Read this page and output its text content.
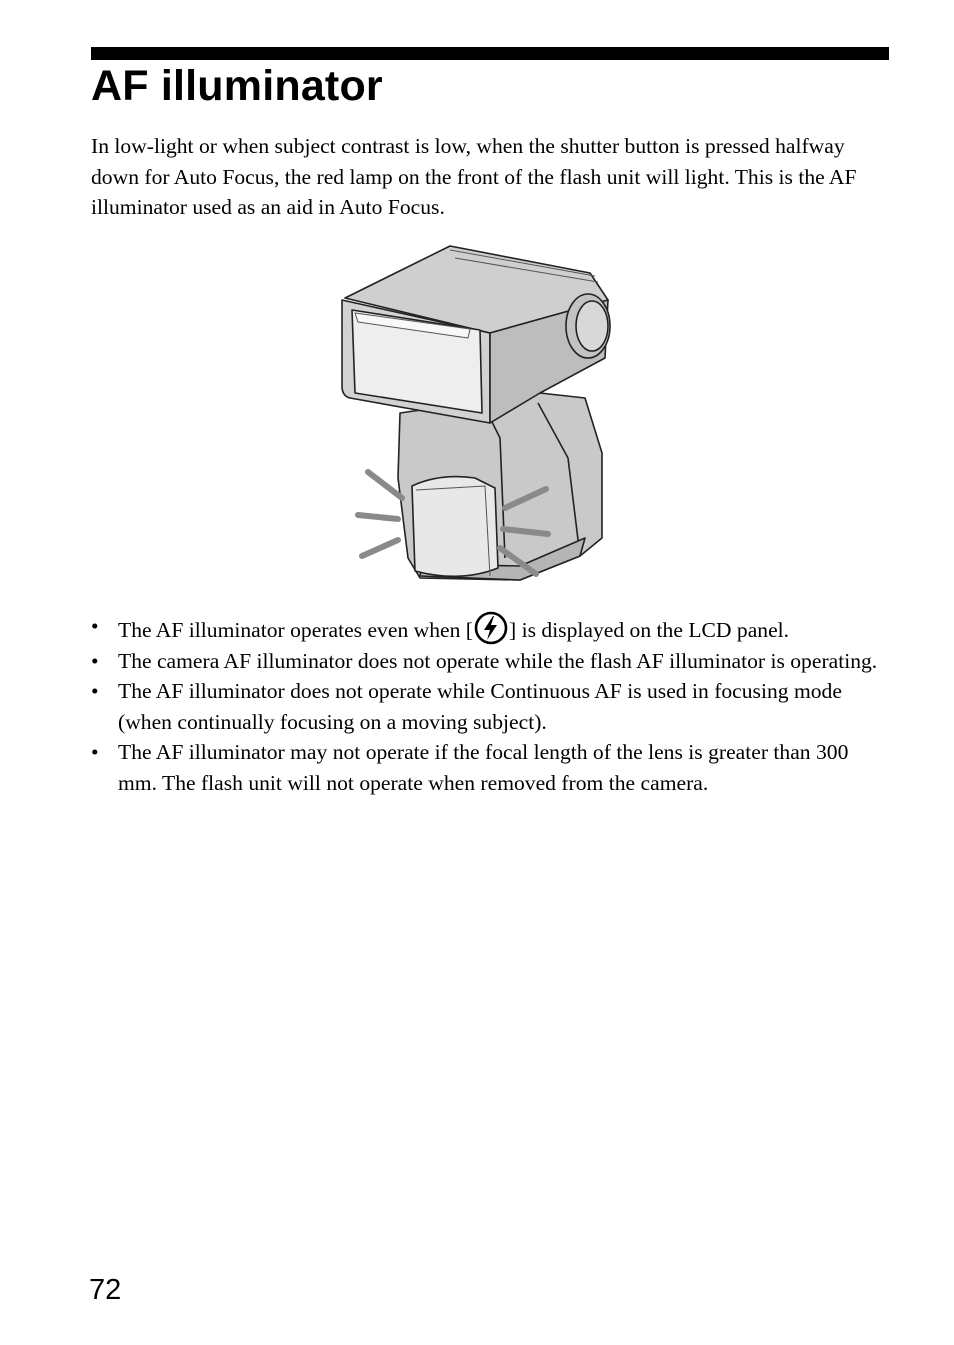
AF illuminator

In low-light or when subject contrast is low, when the shutter button is pressed halfway down for Auto Focus, the red lamp on the front of the flash unit will light. This is the AF illuminator used as an aid in Auto Focus.

• The AF illuminator operates even when [ ] is displayed on the LCD panel.
• The camera AF illuminator does not operate while the flash AF illuminator is operating.
• The AF illuminator does not operate while Continuous AF is used in focusing mode (when continually focusing on a moving subject).
• The AF illuminator may not operate if the focal length of the lens is greater than 300 mm. The flash unit will not operate when removed from the camera.
72
